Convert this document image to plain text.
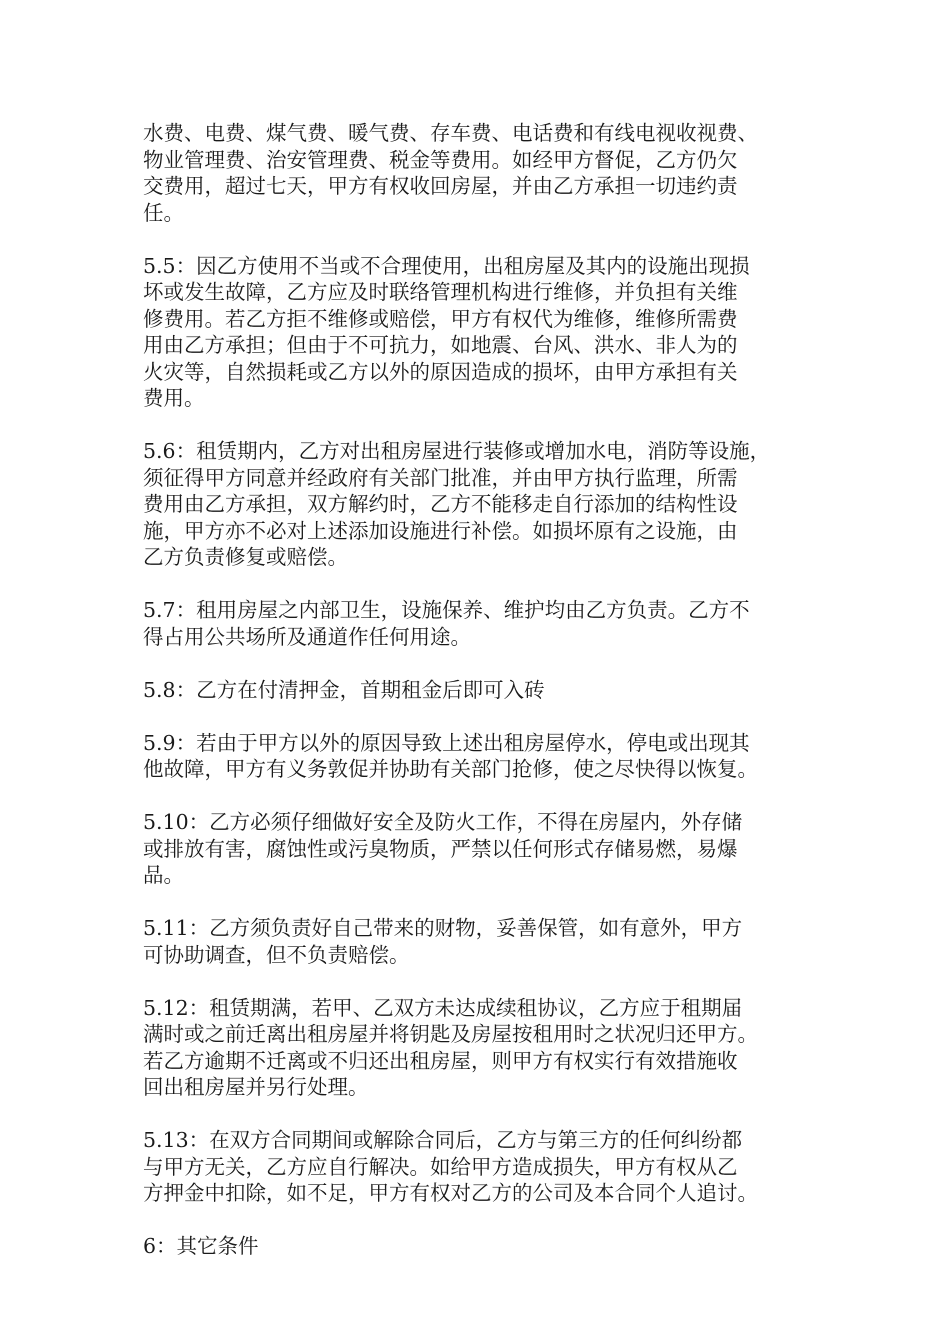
水费、电费、煤气费、暖气费、存车费、电话费和有线电视收视费、
物业管理费、治安管理费、税金等费用。如经甲方督促，乙方仍欠
交费用，超过七天，甲方有权收回房屋，并由乙方承担一切违约责
任。

5.5：因乙方使用不当或不合理使用，出租房屋及其内的设施出现损
坏或发生故障，乙方应及时联络管理机构进行维修，并负担有关维
修费用。若乙方拒不维修或赔偿，甲方有权代为维修，维修所需费
用由乙方承担；但由于不可抗力，如地震、台风、洪水、非人为的
火灾等，自然损耗或乙方以外的原因造成的损坏，由甲方承担有关
费用。

5.6：租赁期内，乙方对出租房屋进行装修或增加水电，消防等设施，
须征得甲方同意并经政府有关部门批准，并由甲方执行监理，所需
费用由乙方承担，双方解约时，乙方不能移走自行添加的结构性设
施，甲方亦不必对上述添加设施进行补偿。如损坏原有之设施，由
乙方负责修复或赔偿。

5.7：租用房屋之内部卫生，设施保养、维护均由乙方负责。乙方不
得占用公共场所及通道作任何用途。

5.8：乙方在付清押金，首期租金后即可入砖

5.9：若由于甲方以外的原因导致上述出租房屋停水，停电或出现其
他故障，甲方有义务敦促并协助有关部门抢修，使之尽快得以恢复。

5.10：乙方必须仔细做好安全及防火工作，不得在房屋内，外存储
或排放有害，腐蚀性或污臭物质，严禁以任何形式存储易燃，易爆
品。

5.11：乙方须负责好自己带来的财物，妥善保管，如有意外，甲方
可协助调查，但不负责赔偿。

5.12：租赁期满，若甲、乙双方未达成续租协议，乙方应于租期届
满时或之前迁离出租房屋并将钥匙及房屋按租用时之状况归还甲方。
若乙方逾期不迁离或不归还出租房屋，则甲方有权实行有效措施收
回出租房屋并另行处理。

5.13：在双方合同期间或解除合同后，乙方与第三方的任何纠纷都
与甲方无关，乙方应自行解决。如给甲方造成损失，甲方有权从乙
方押金中扣除，如不足，甲方有权对乙方的公司及本合同个人追讨。

6：其它条件
